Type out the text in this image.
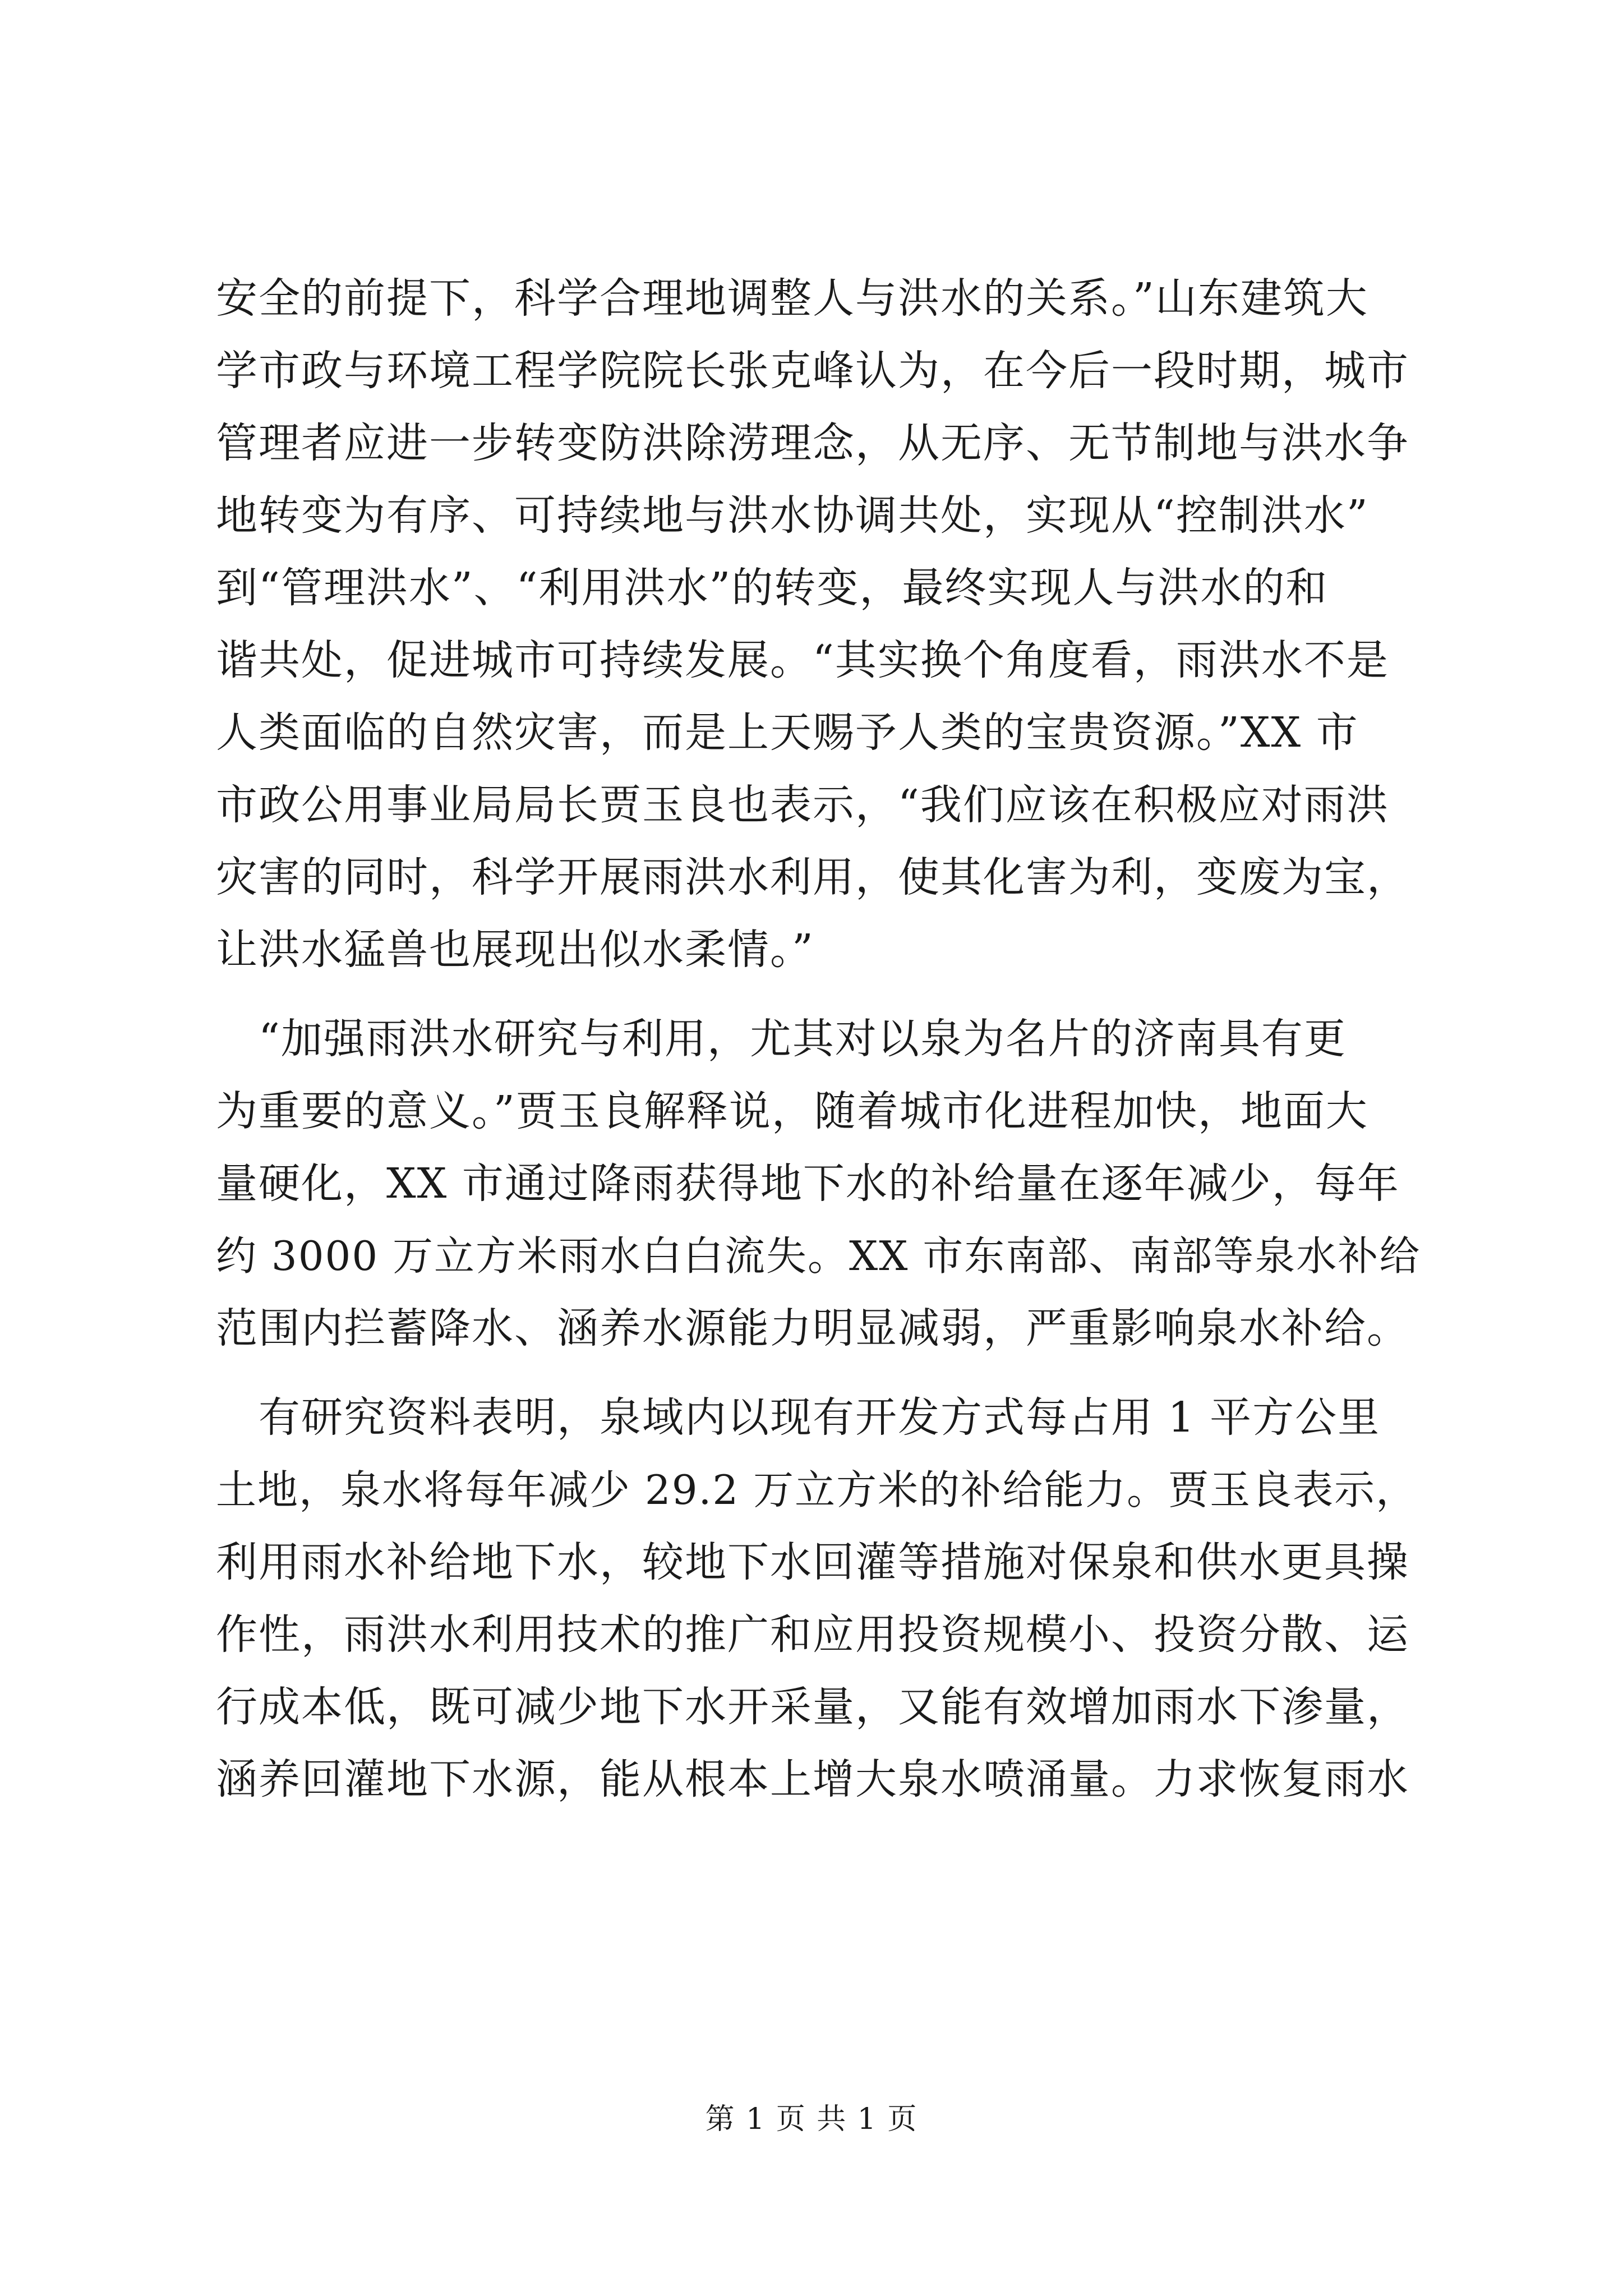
安全的前提下，科学合理地调整人与洪水的关系。”山东建筑大
学市政与环境工程学院院长张克峰认为，在今后一段时期，城市
管理者应进一步转变防洪除涝理念，从无序、无节制地与洪水争
地转变为有序、可持续地与洪水协调共处，实现从“控制洪水”
到“管理洪水”、“利用洪水”的转变，最终实现人与洪水的和
谐共处，促进城市可持续发展。“其实换个角度看，雨洪水不是
人类面临的自然灾害，而是上天赐予人类的宝贵资源。”XX 市
市政公用事业局局长贾玉良也表示，“我们应该在积极应对雨洪
灾害的同时，科学开展雨洪水利用，使其化害为利，变废为宝，
让洪水猛兽也展现出似水柔情。”
　“加强雨洪水研究与利用，尤其对以泉为名片的济南具有更
为重要的意义。”贾玉良解释说，随着城市化进程加快，地面大
量硬化，XX 市通过降雨获得地下水的补给量在逐年减少，每年
约 3000 万立方米雨水白白流失。XX 市东南部、南部等泉水补给
范围内拦蓄降水、涵养水源能力明显减弱，严重影响泉水补给。
　有研究资料表明，泉域内以现有开发方式每占用 1 平方公里
土地，泉水将每年减少 29.2 万立方米的补给能力。贾玉良表示，
利用雨水补给地下水，较地下水回灌等措施对保泉和供水更具操
作性，雨洪水利用技术的推广和应用投资规模小、投资分散、运
行成本低，既可减少地下水开采量，又能有效增加雨水下渗量，
涵养回灌地下水源，能从根本上增大泉水喷涌量。力求恢复雨水
第 1 页 共 1 页
